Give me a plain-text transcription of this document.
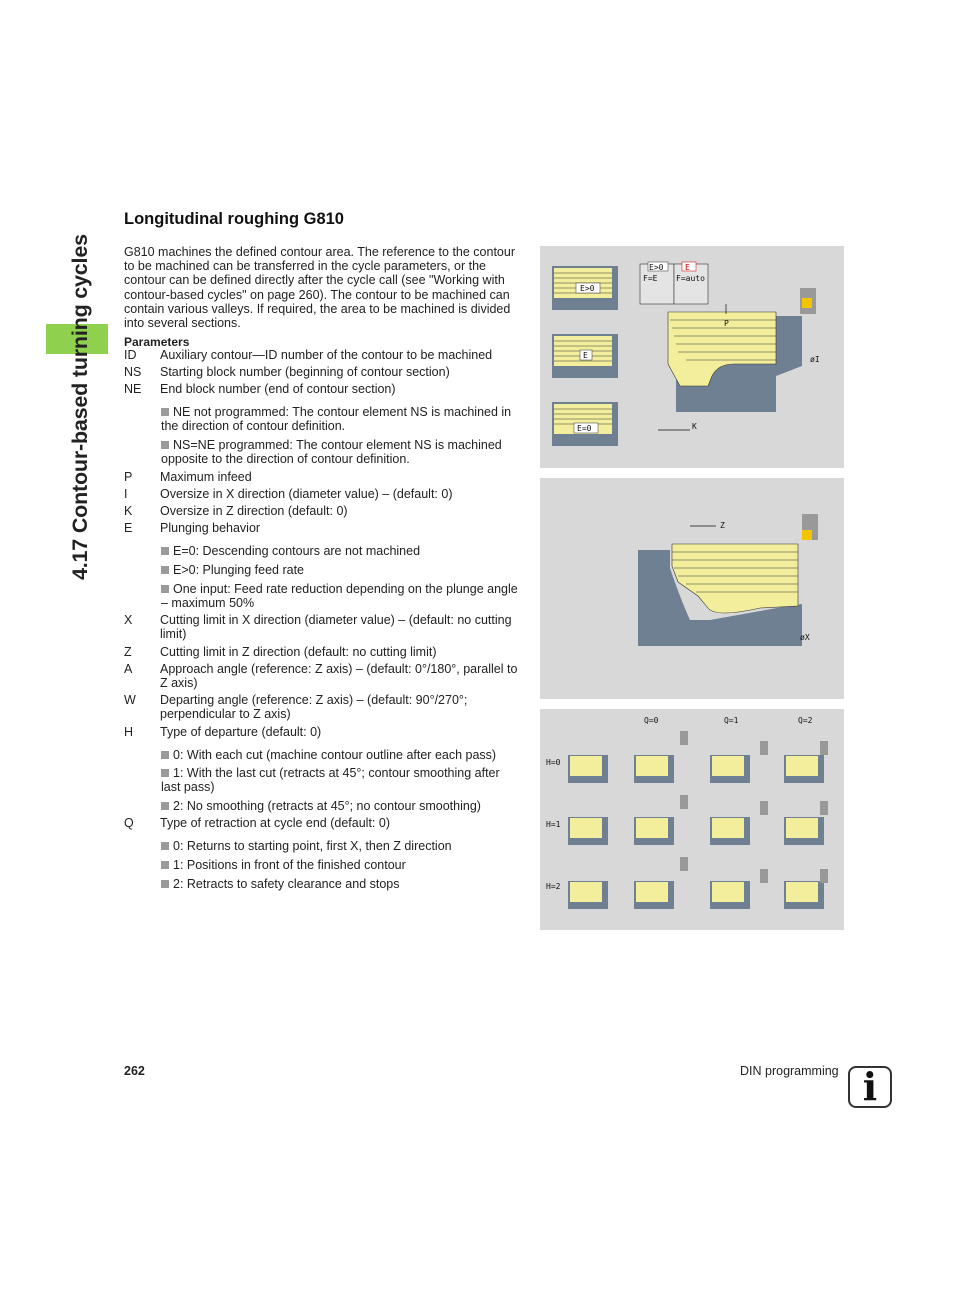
4.17 Contour-based turning cycles
Longitudinal roughing G810

G810 machines the defined contour area. The reference to the contour to be machined can be transferred in the cycle parameters, or the contour can be defined directly after the cycle call (see "Working with contour-based cycles" on page 260). The contour to be machined can contain various valleys. If required, the area to be machined is divided into several sections.

Parameters
ID	Auxiliary contour—ID number of the contour to be machined
NS	Starting block number (beginning of contour section)
NE	End block number (end of contour section)
NE not programmed: The contour element NS is machined in the direction of contour definition.
NS=NE programmed: The contour element NS is machined opposite to the direction of contour definition.
P	Maximum infeed
I	Oversize in X direction (diameter value) – (default: 0)
K	Oversize in Z direction (default: 0)
E	Plunging behavior
E=0: Descending contours are not machined
E>0: Plunging feed rate
One input: Feed rate reduction depending on the plunge angle – maximum 50%
X	Cutting limit in X direction (diameter value) – (default: no cutting limit)
Z	Cutting limit in Z direction (default: no cutting limit)
A	Approach angle (reference: Z axis) – (default: 0°/180°, parallel to Z axis)
W	Departing angle (reference: Z axis) – (default: 90°/270°; perpendicular to Z axis)
H	Type of departure (default: 0)
0: With each cut (machine contour outline after each pass)
1: With the last cut (retracts at 45°; contour smoothing after last pass)
2: No smoothing (retracts at 45°; no contour smoothing)
Q	Type of retraction at cycle end (default: 0)
0: Returns to starting point, first X, then Z direction
1: Positions in front of the finished contour
2: Retracts to safety clearance and stops
E>0
E
E=0
E>0	E
F=E F=auto
P
øI
K
Z
øX
Q=0	Q=1	Q=2
H=0
H=1
H=2
262	DIN programming i
